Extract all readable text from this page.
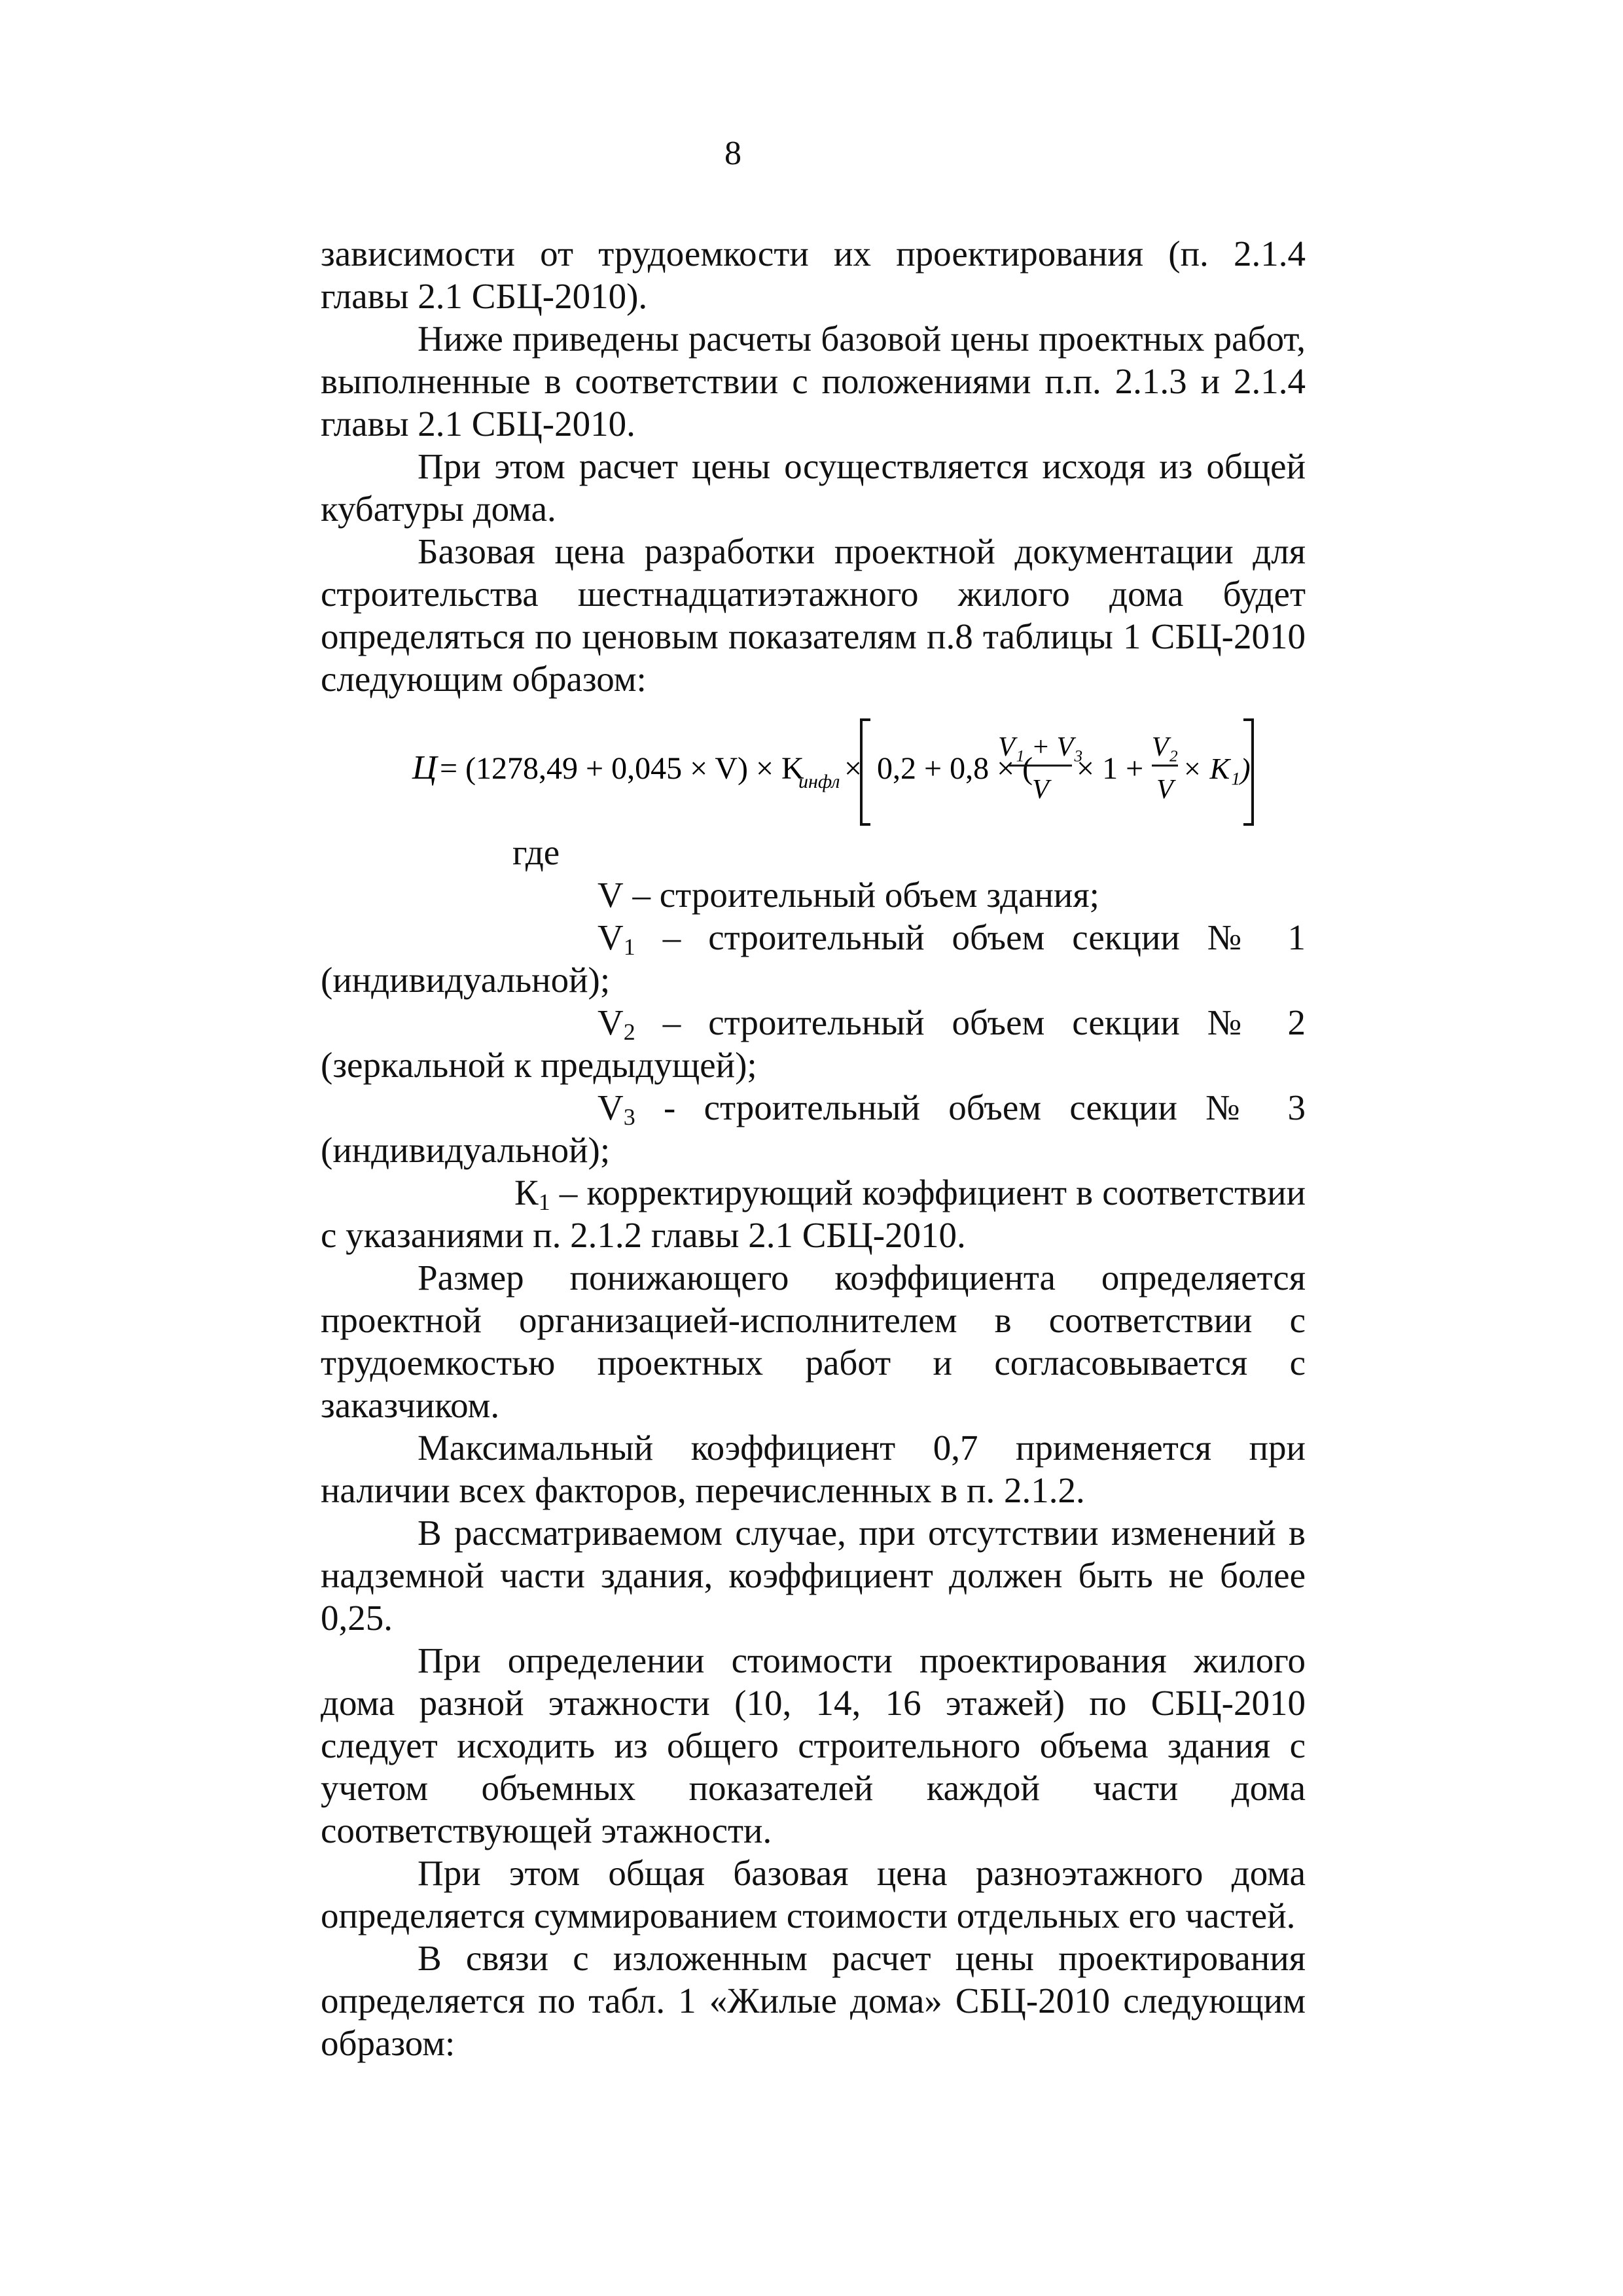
8

зависимости от трудоемкости их проектирования (п. 2.1.4 главы 2.1 СБЦ-2010).

Ниже приведены расчеты базовой цены проектных работ, выполненные в соответствии с положениями п.п. 2.1.3 и 2.1.4 главы 2.1 СБЦ-2010.

При этом расчет цены осуществляется исходя из общей кубатуры дома.

Базовая цена разработки проектной документации для строительства шестнадцатиэтажного жилого дома будет определяться по ценовым показателям п.8 таблицы 1 СБЦ-2010 следующим образом:

Ц = (1278,49 + 0,045 × V) × K
инфл × 0,2 + 0,8 × (
V₁ + V₃
V
× 1 +
V₂
V
× K₁)

где

V – строительный объем здания;

$V_1$ – строительный объем секции № 1 (индивидуальной);

$V_2$ – строительный объем секции № 2 (зеркальной к предыдущей);

$V_3$ - строительный объем секции № 3 (индивидуальной);

$К_1$ – корректирующий коэффициент в соответствии с указаниями п. 2.1.2 главы 2.1 СБЦ-2010.

Размер понижающего коэффициента определяется проектной организацией-исполнителем в соответствии с трудоемкостью проектных работ и согласовывается с заказчиком.

Максимальный коэффициент 0,7 применяется при наличии всех факторов, перечисленных в п. 2.1.2.

В рассматриваемом случае, при отсутствии изменений в надземной части здания, коэффициент должен быть не более 0,25.

При определении стоимости проектирования жилого дома разной этажности (10, 14, 16 этажей) по СБЦ-2010 следует исходить из общего строительного объема здания с учетом объемных показателей каждой части дома соответствующей этажности.

При этом общая базовая цена разноэтажного дома определяется суммированием стоимости отдельных его частей.

В связи с изложенным расчет цены проектирования определяется по табл. 1 «Жилые дома» СБЦ-2010 следующим образом:
